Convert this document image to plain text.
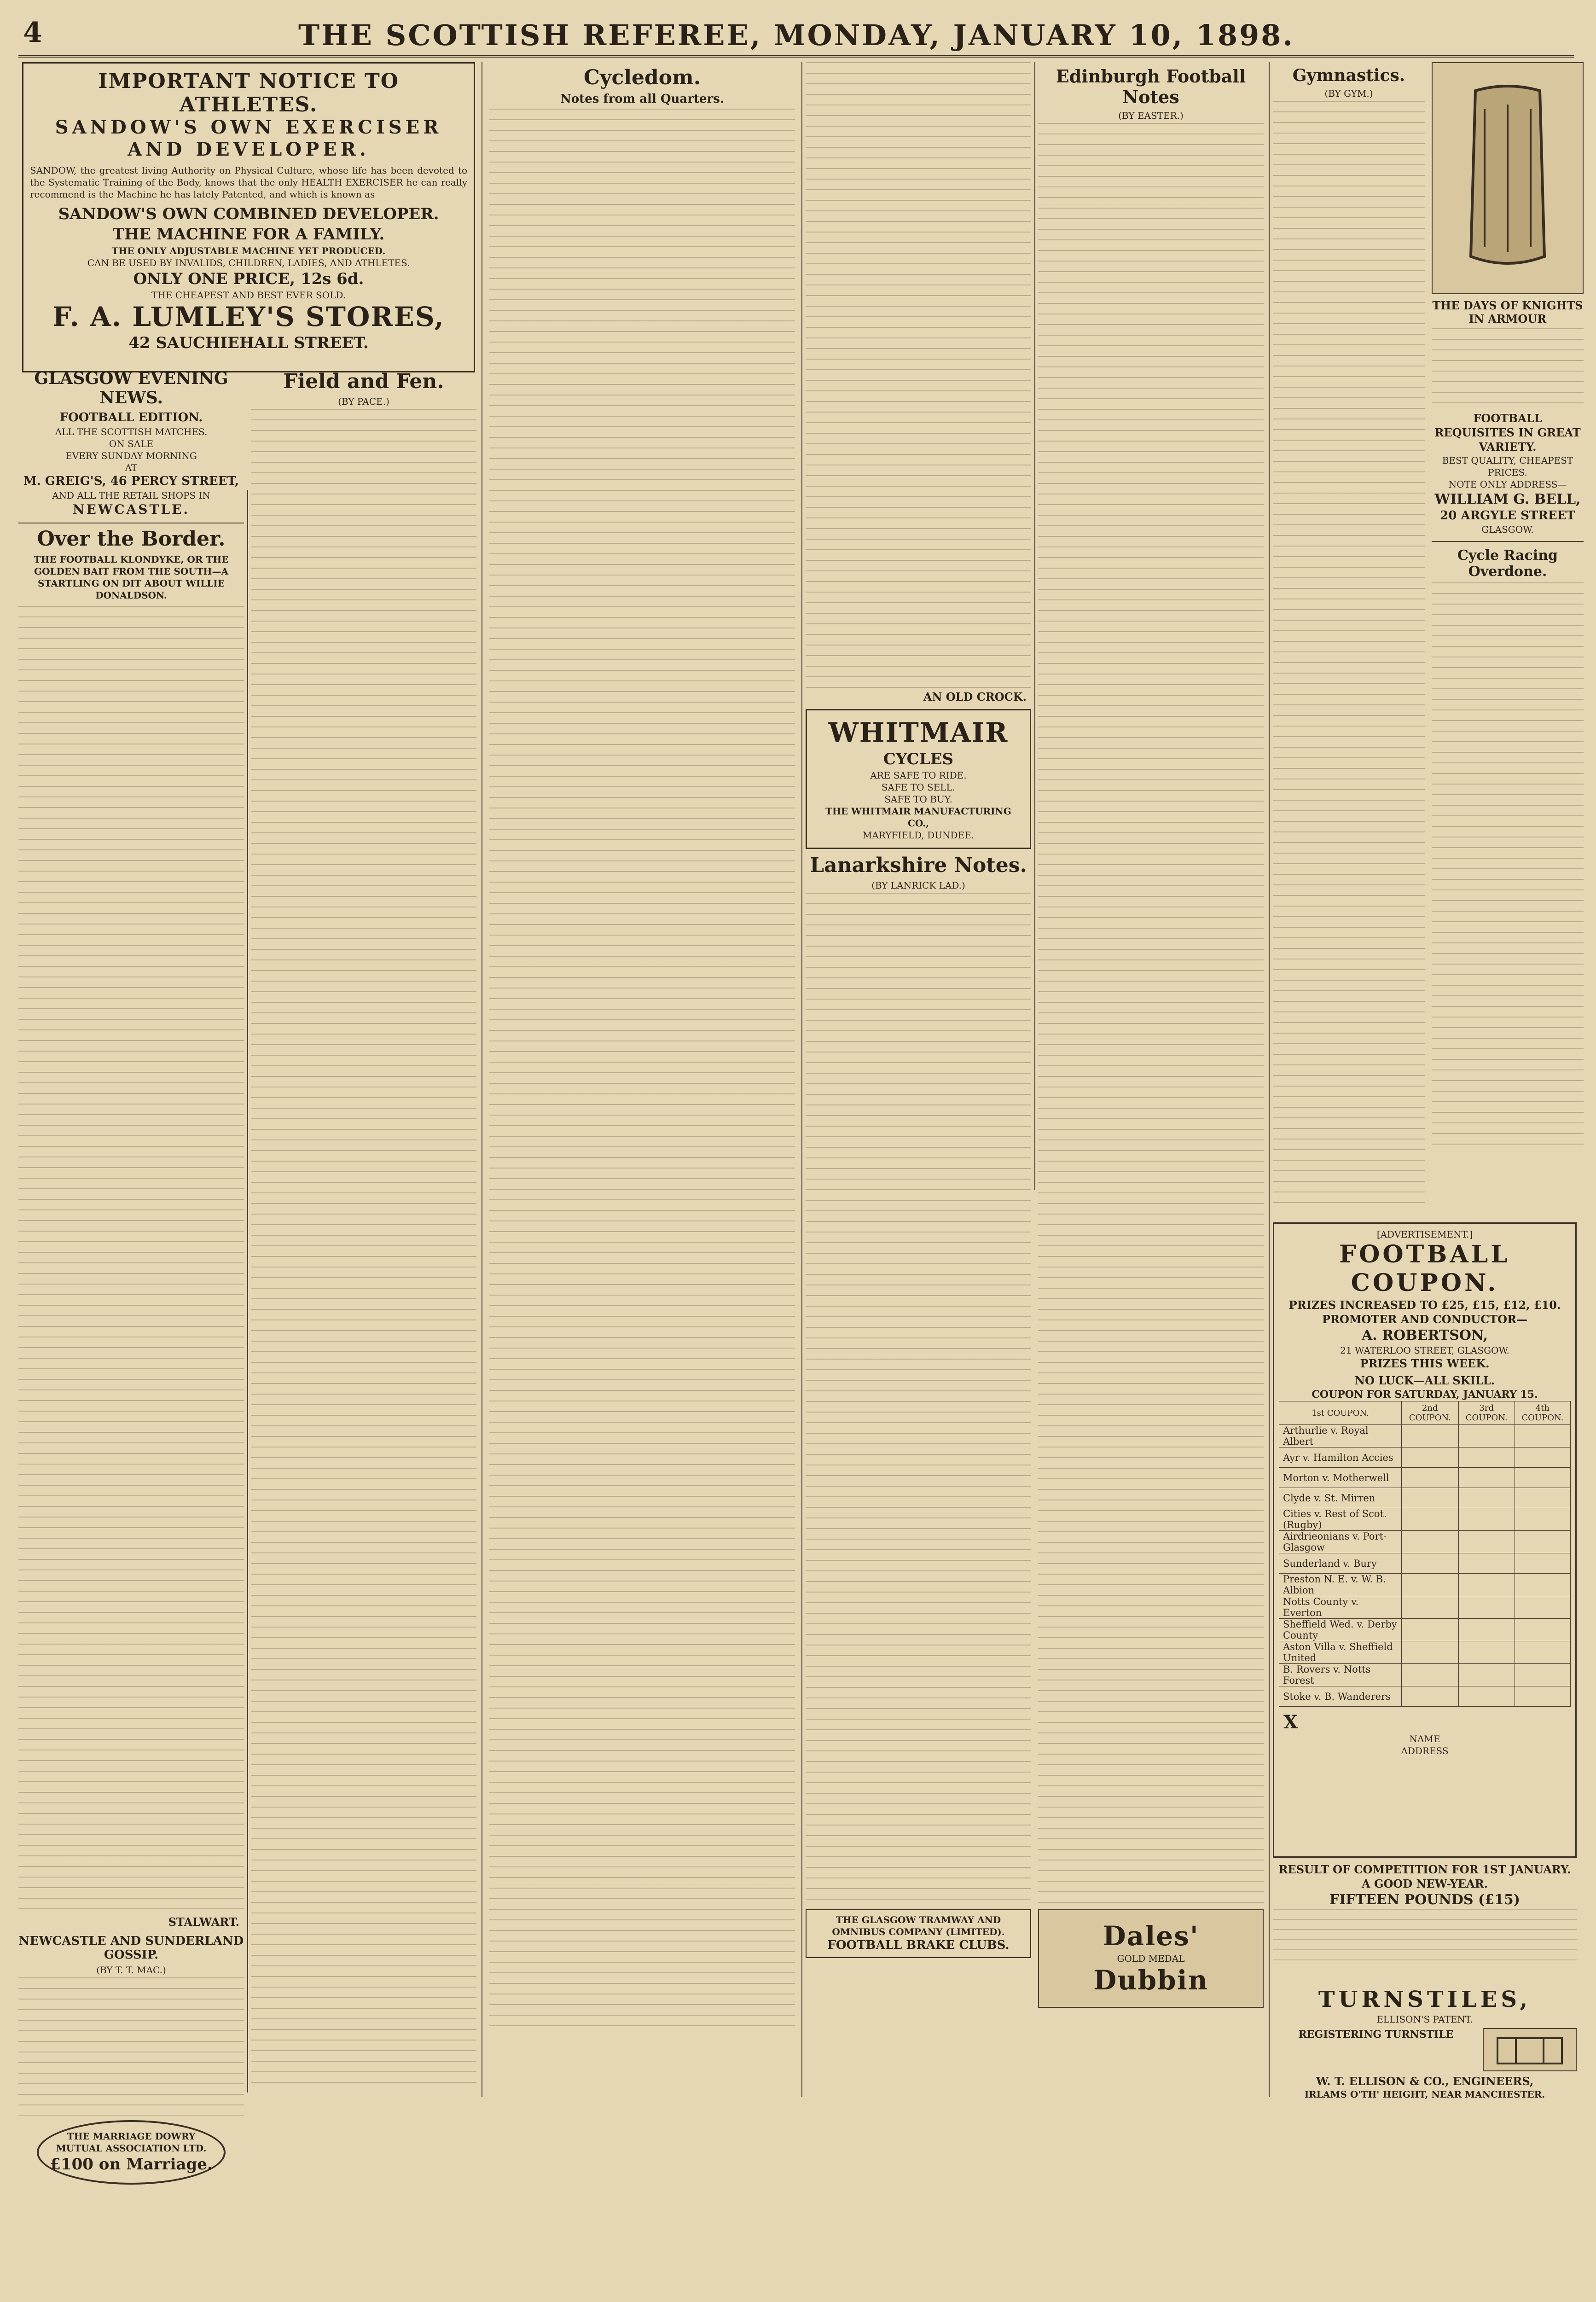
4	THE SCOTTISH REFEREE, MONDAY, JANUARY 10, 1898.
IMPORTANT NOTICE TO ATHLETES.
SANDOW'S OWN EXERCISER AND DEVELOPER.
SANDOW, the greatest living Authority on Physical Culture, whose life has been devoted to the Systematic Training of the Body, knows that the only HEALTH EXERCISER he can really recommend is the Machine he has lately Patented, and which is known as
SANDOW'S OWN COMBINED DEVELOPER.
THE MACHINE FOR A FAMILY.
THE ONLY ADJUSTABLE MACHINE YET PRODUCED.
CAN BE USED BY INVALIDS, CHILDREN, LADIES, AND ATHLETES.
ONLY ONE PRICE, 12s 6d.
THE CHEAPEST AND BEST EVER SOLD.
F. A. LUMLEY'S STORES,
42 SAUCHIEHALL STREET.
GLASGOW EVENING NEWS.
FOOTBALL EDITION.
ALL THE SCOTTISH MATCHES.
ON SALE
EVERY SUNDAY MORNING
AT
M. GREIG'S, 46 PERCY STREET,
AND ALL THE RETAIL SHOPS IN
NEWCASTLE.
Over the Border.
THE FOOTBALL KLONDYKE, OR THE GOLDEN BAIT FROM THE SOUTH—A STARTLING ON DIT ABOUT WILLIE DONALDSON.
STALWART.
NEWCASTLE AND SUNDERLAND GOSSIP.
(BY T. T. MAC.)
THE MARRIAGE DOWRY MUTUAL ASSOCIATION LTD.
£100 on Marriage.
Field and Fen.
(BY PACE.)
Cycledom.
Notes from all Quarters.
AN OLD CROCK.
WHITMAIR
CYCLES
ARE SAFE TO RIDE.
SAFE TO SELL.
SAFE TO BUY.
THE WHITMAIR MANUFACTURING CO.,
MARYFIELD, DUNDEE.
Lanarkshire Notes.
(BY LANRICK LAD.)
THE GLASGOW TRAMWAY AND OMNIBUS COMPANY (LIMITED).
FOOTBALL BRAKE CLUBS.
Edinburgh Football Notes
(BY EASTER.)
Dales'
GOLD MEDAL
Dubbin
Gymnastics.
(BY GYM.)
THE DAYS OF KNIGHTS IN ARMOUR
FOOTBALL REQUISITES IN GREAT VARIETY.
BEST QUALITY, CHEAPEST PRICES.
NOTE ONLY ADDRESS—
WILLIAM G. BELL,
20 ARGYLE STREET
GLASGOW.
Cycle Racing Overdone.
[ADVERTISEMENT.]
FOOTBALL COUPON.
PRIZES INCREASED TO £25, £15, £12, £10.
PROMOTER AND CONDUCTOR—
A. ROBERTSON,
21 WATERLOO STREET, GLASGOW.
PRIZES THIS WEEK.
NO LUCK—ALL SKILL.
COUPON FOR SATURDAY, JANUARY 15.
1st COUPON.	2nd COUPON.	3rd COUPON.	4th COUPON.
Arthurlie v. Royal Albert			
Ayr v. Hamilton Accies			
Morton v. Motherwell			
Clyde v. St. Mirren			
Cities v. Rest of Scot. (Rugby)			
Airdrieonians v. Port-Glasgow			
Sunderland v. Bury			
Preston N. E. v. W. B. Albion			
Notts County v. Everton			
Sheffield Wed. v. Derby County			
Aston Villa v. Sheffield United			
B. Rovers v. Notts Forest			
Stoke v. B. Wanderers			
X
NAME
ADDRESS
RESULT OF COMPETITION FOR 1ST JANUARY.
A GOOD NEW-YEAR.
FIFTEEN POUNDS (£15)
TURNSTILES,
ELLISON'S PATENT.
REGISTERING TURNSTILE
W. T. ELLISON & CO., ENGINEERS,
IRLAMS O'TH' HEIGHT, NEAR MANCHESTER.
